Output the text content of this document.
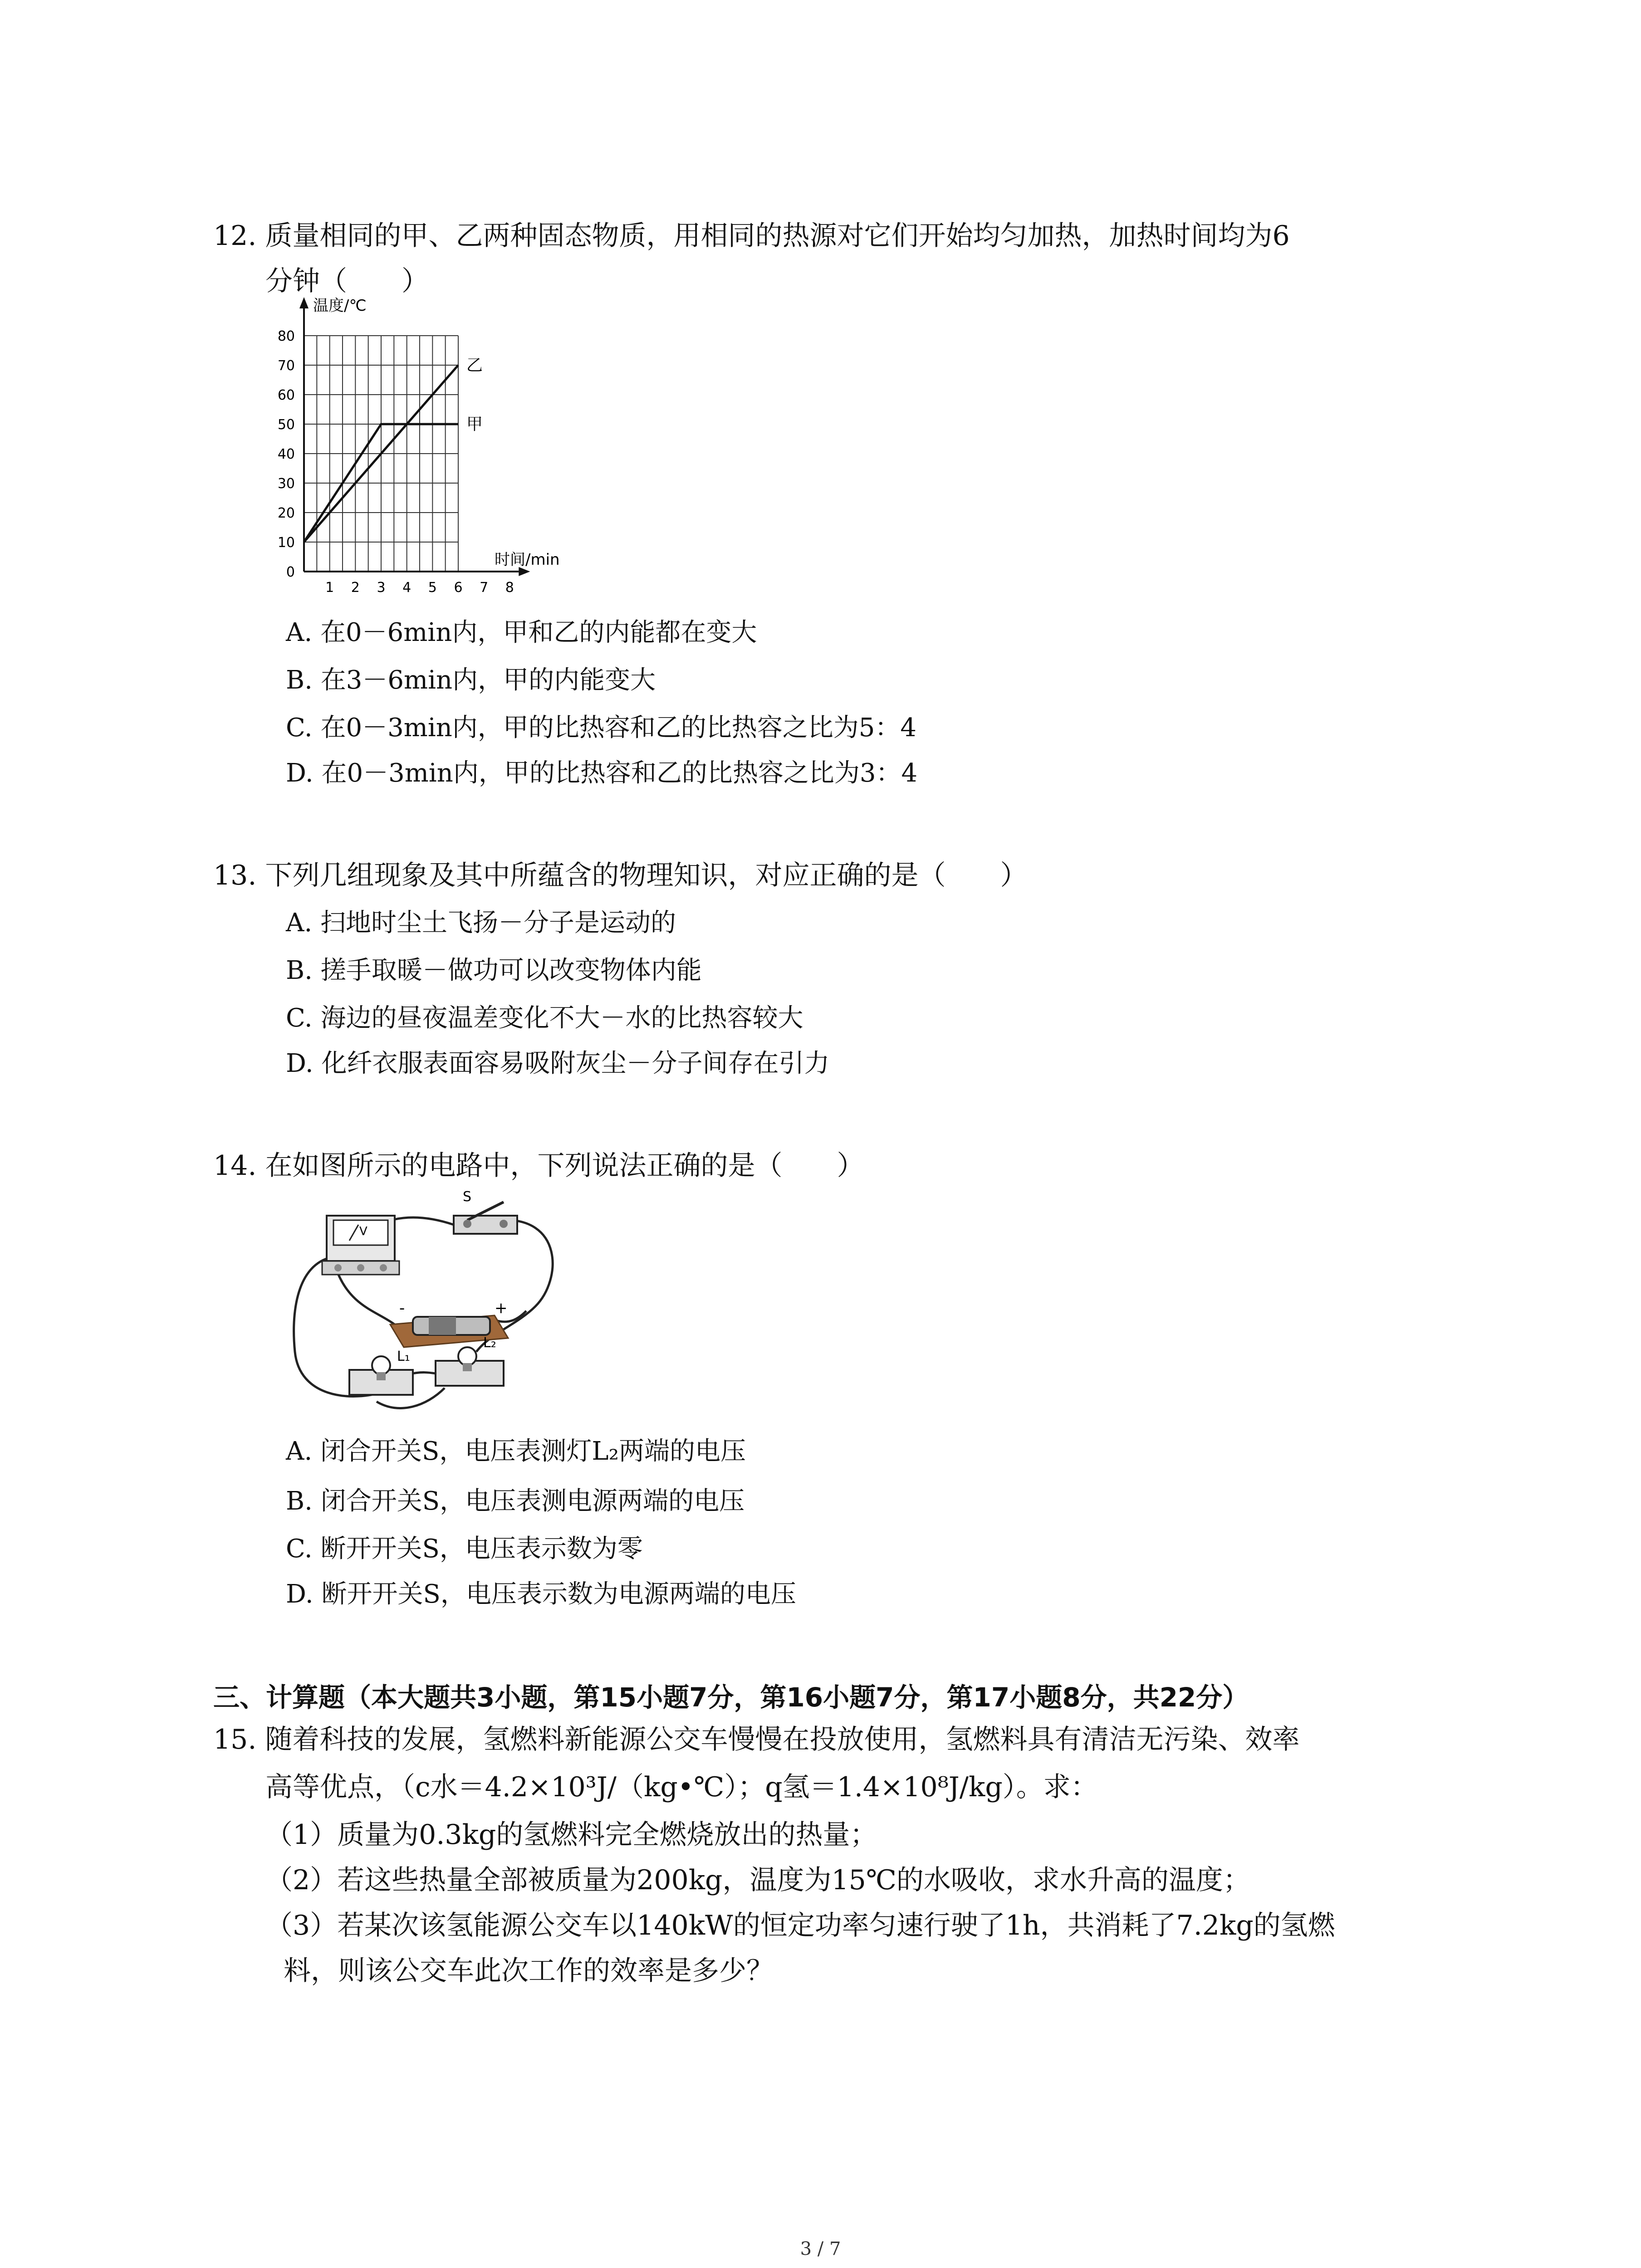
12. 质量相同的甲、乙两种固态物质，用相同的热源对它们开始均匀加热，加热时间均为6

分钟（　　）

温度/℃
时间/min
0
10
20
30
40
50
60
70
80
1 2 3 4 5 6 7 8
甲
乙
A. 在0－6min内，甲和乙的内能都在变大
B. 在3－6min内，甲的内能变大
C. 在0－3min内，甲的比热容和乙的比热容之比为5：4
D. 在0－3min内，甲的比热容和乙的比热容之比为3：4
13. 下列几组现象及其中所蕴含的物理知识，对应正确的是（　　）
A. 扫地时尘土飞扬－分子是运动的
B. 搓手取暖－做功可以改变物体内能
C. 海边的昼夜温差变化不大－水的比热容较大
D. 化纤衣服表面容易吸附灰尘－分子间存在引力
14. 在如图所示的电路中，下列说法正确的是（　　）
V
S
-	+
L₁
L₂
A. 闭合开关S，电压表测灯L₂两端的电压
B. 闭合开关S，电压表测电源两端的电压
C. 断开开关S，电压表示数为零
D. 断开开关S，电压表示数为电源两端的电压
三、计算题（本大题共3小题，第15小题7分，第16小题7分，第17小题8分，共22分）

15. 随着科技的发展，氢燃料新能源公交车慢慢在投放使用，氢燃料具有清洁无污染、效率

高等优点，（c水＝4.2×10³J/（kg•℃）；q氢＝1.4×10⁸J/kg）。求：

（1）质量为0.3kg的氢燃料完全燃烧放出的热量；

（2）若这些热量全部被质量为200kg，温度为15℃的水吸收，求水升高的温度；

（3）若某次该氢能源公交车以140kW的恒定功率匀速行驶了1h，共消耗了7.2kg的氢燃

料，则该公交车此次工作的效率是多少？

3 / 7
